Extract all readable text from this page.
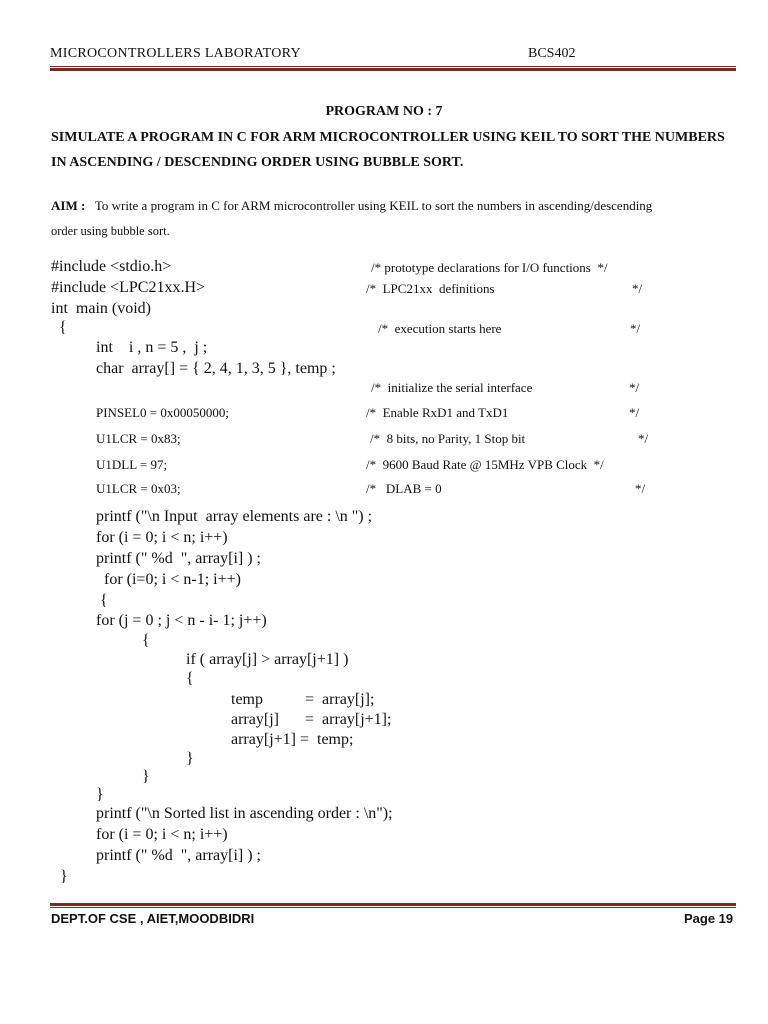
MICROCONTROLLERS LABORATORY	BCS402
PROGRAM NO : 7
SIMULATE A PROGRAM IN C FOR ARM MICROCONTROLLER USING KEIL TO SORT THE NUMBERS
IN ASCENDING / DESCENDING ORDER USING BUBBLE SORT.
AIM : To write a program in C for ARM microcontroller using KEIL to sort the numbers in ascending/descending
order using bubble sort.
#include <stdio.h>	/* prototype declarations for I/O functions  */
#include <LPC21xx.H>	/*  LPC21xx  definitions	*/
int  main (void)
{	/*  execution starts here	*/
int    i , n = 5 ,  j ;
char  array[] = { 2, 4, 1, 3, 5 }, temp ;
/*  initialize the serial interface	*/
PINSEL0 = 0x00050000;	/*  Enable RxD1 and TxD1	*/
U1LCR = 0x83;	/*  8 bits, no Parity, 1 Stop bit	*/
U1DLL = 97;	/*  9600 Baud Rate @ 15MHz VPB Clock  */
U1LCR = 0x03;	/*   DLAB = 0	*/
printf ("\n Input  array elements are : \n ") ;
for (i = 0; i < n; i++)
printf (" %d  ", array[i] ) ;
for (i=0; i < n-1; i++)
{
for (j = 0 ; j < n - i- 1; j++)
{
if ( array[j] > array[j+1] )
{
temp	=  array[j];
array[j] =  array[j+1];
array[j+1] =  temp;
}
}
}
printf ("\n Sorted list in ascending order : \n");
for (i = 0; i < n; i++)
printf (" %d  ", array[i] ) ;
}
DEPT.OF CSE , AIET,MOODBIDRI	Page 19
